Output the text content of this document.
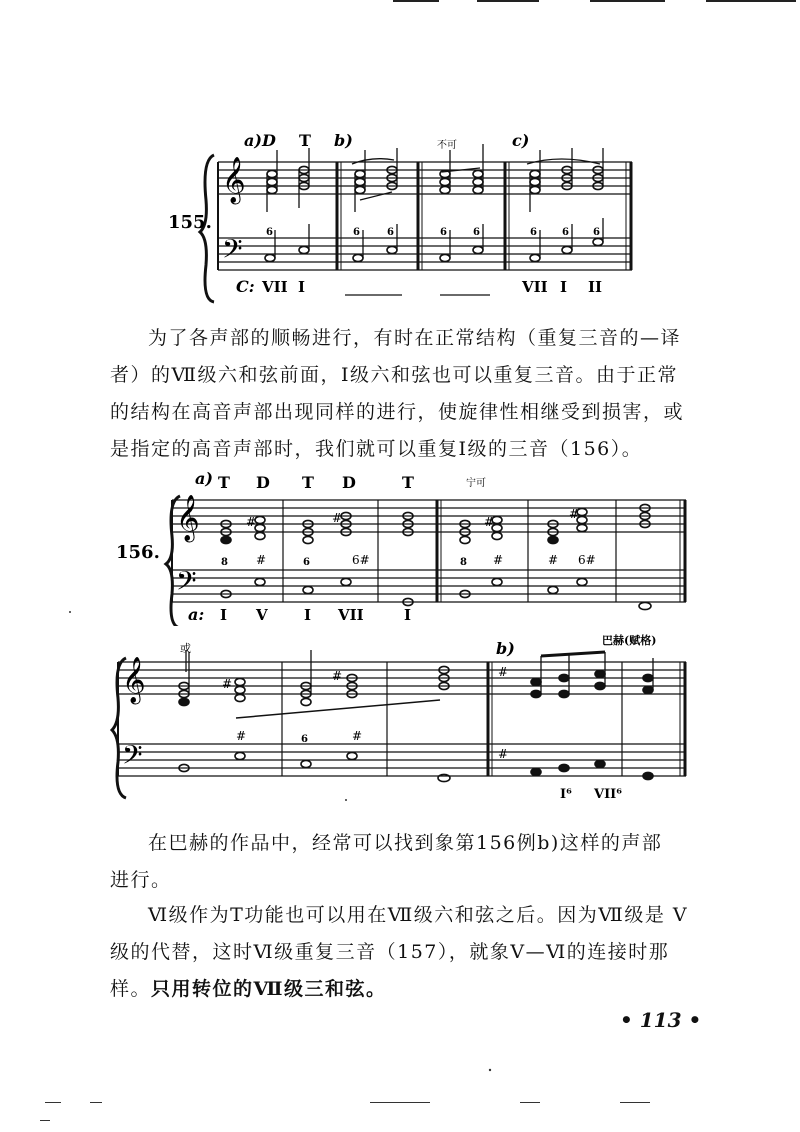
𝄞
𝄢
6	6	6	6	6	6	6 6
a)D T b)	不可	c)
155.
C: VII I	VII I II

为了各声部的顺畅进行，有时在正常结构（重复三音的—译

者）的Ⅶ级六和弦前面，Ⅰ级六和弦也可以重复三音。由于正常

的结构在高音声部出现同样的进行，使旋律性相继受到损害，或

是指定的高音声部时，我们就可以重复Ⅰ级的三音（156）。

𝄞
𝄢
#	#	#
#
#	6#	6#
#	#
8	6	8
a) T D T D	T	宁可
156.
a: I V I VII	I
𝄞
𝄢
#
#	#
#
#	#
6
或	b)	巴赫(赋格)
I⁶ VII⁶

在巴赫的作品中，经常可以找到象第156例b)这样的声部

进行。

Ⅵ级作为T功能也可以用在Ⅶ级六和弦之后。因为Ⅶ级是 Ⅴ

级的代替，这时Ⅵ级重复三音（157），就象Ⅴ—Ⅵ的连接时那

样。只用转位的Ⅶ级三和弦。

• 113 •
